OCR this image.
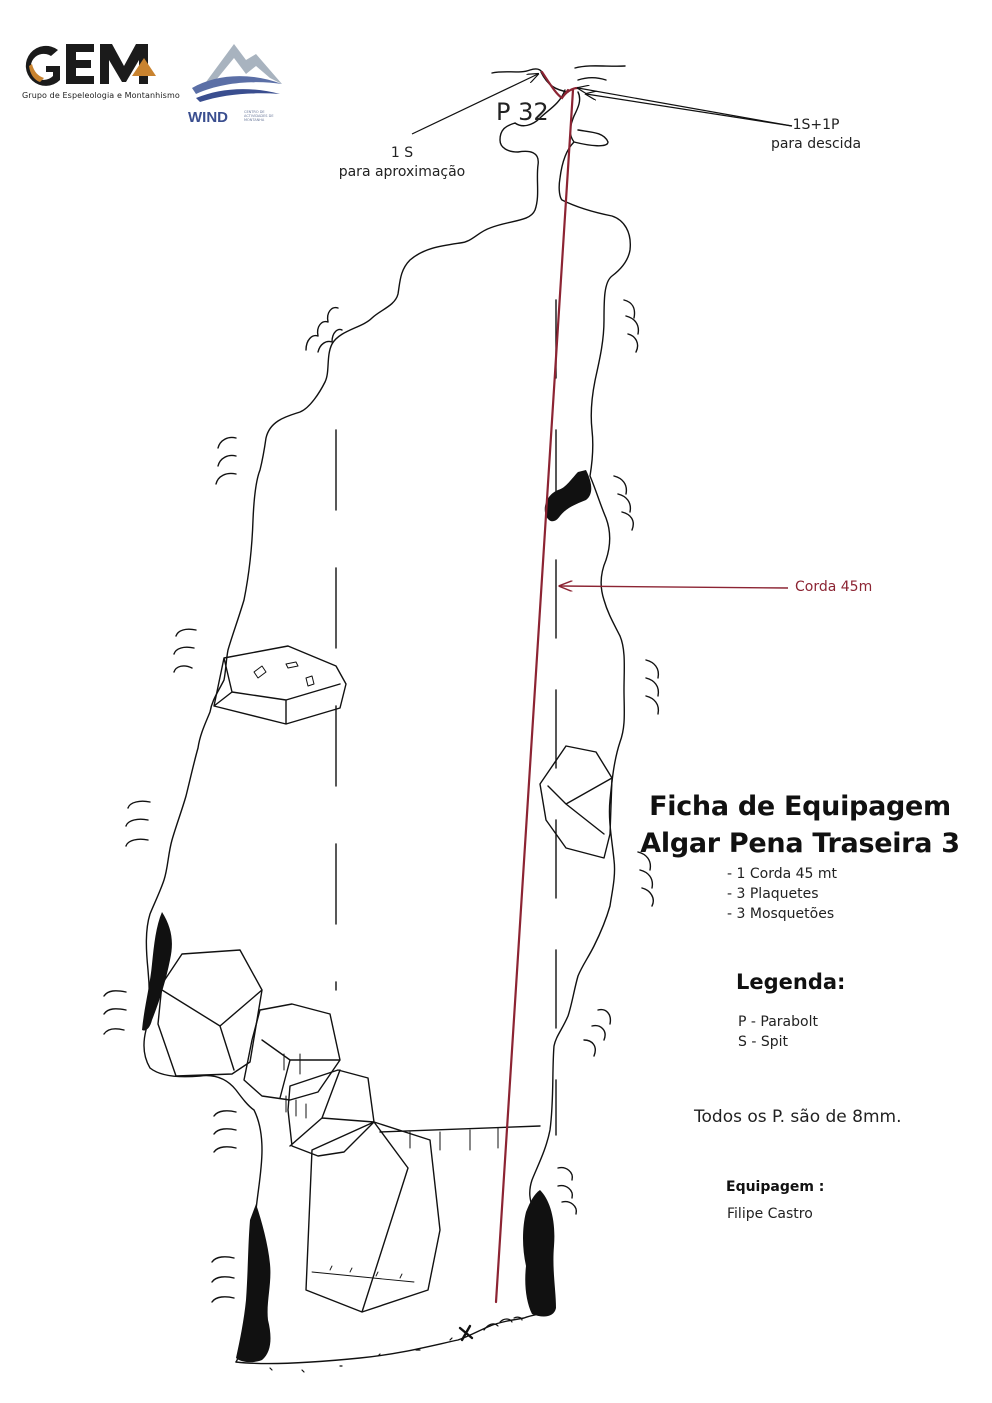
Grupo de Espeleologia e Montanhismo
WIND	CENTRO DE ACTIVIDADES DE MONTANHA	P 32
1 S
para aproximação
1S+1P
para descida
Corda 45m
Ficha de Equipagem
Algar Pena Traseira 3
- 1 Corda 45 mt
- 3 Plaquetes
- 3 Mosquetões
Legenda:
P - Parabolt
S - Spit
Todos os P. são de 8mm.
Equipagem :
Filipe Castro
